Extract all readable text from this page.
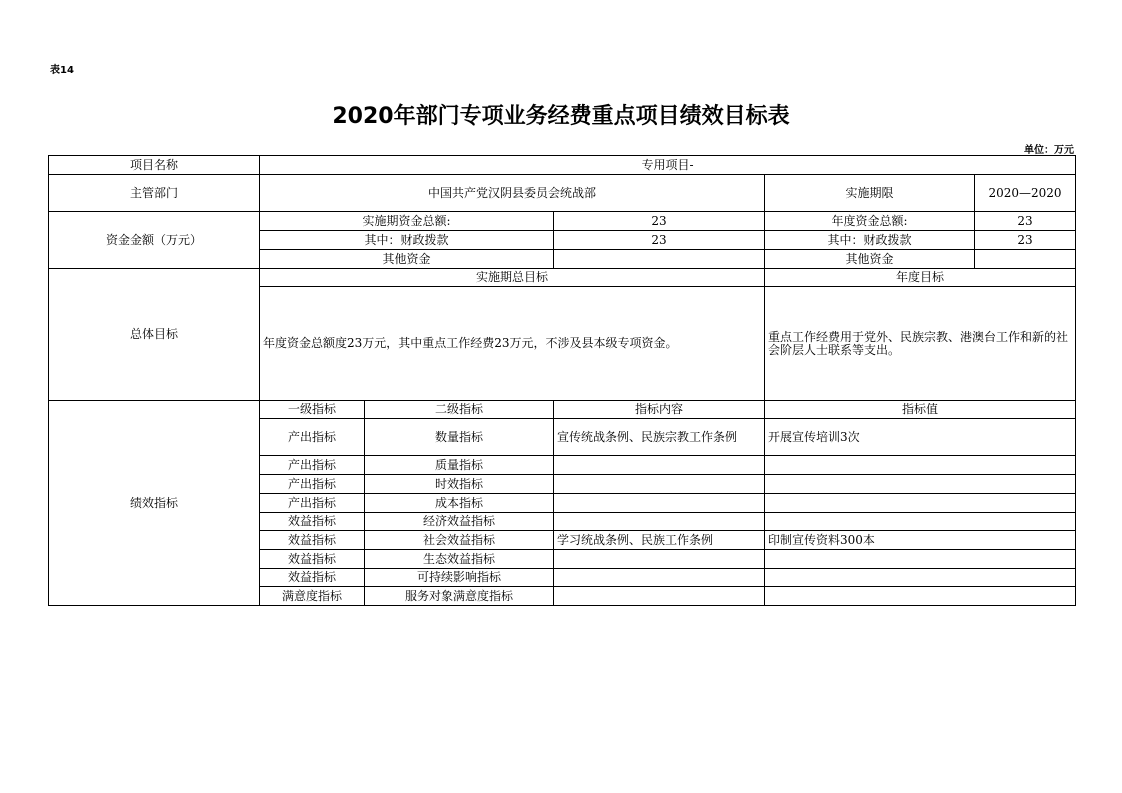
表14
2020年部门专项业务经费重点项目绩效目标表
单位：万元
项目名称	专用项目-				
主管部门	中国共产党汉阴县委员会统战部			实施期限	2020—2020
资金金额（万元）	实施期资金总额:		23	年度资金总额:	23
	其中：财政拨款		23	其中：财政拨款	23
	其他资金			其他资金	
总体目标	实施期总目标			年度目标	
	年度资金总额度23万元，其中重点工作经费23万元，不涉及县本级专项资金。			重点工作经费用于党外、民族宗教、港澳台工作和新的社会阶层人士联系等支出。	
绩效指标	一级指标	二级指标	指标内容	指标值	
	产出指标	数量指标	宣传统战条例、民族宗教工作条例	开展宣传培训3次	
	产出指标	质量指标			
	产出指标	时效指标			
	产出指标	成本指标			
	效益指标	经济效益指标			
	效益指标	社会效益指标	学习统战条例、民族工作条例	印制宣传资料300本	
	效益指标	生态效益指标			
	效益指标	可持续影响指标			
	满意度指标	服务对象满意度指标			
